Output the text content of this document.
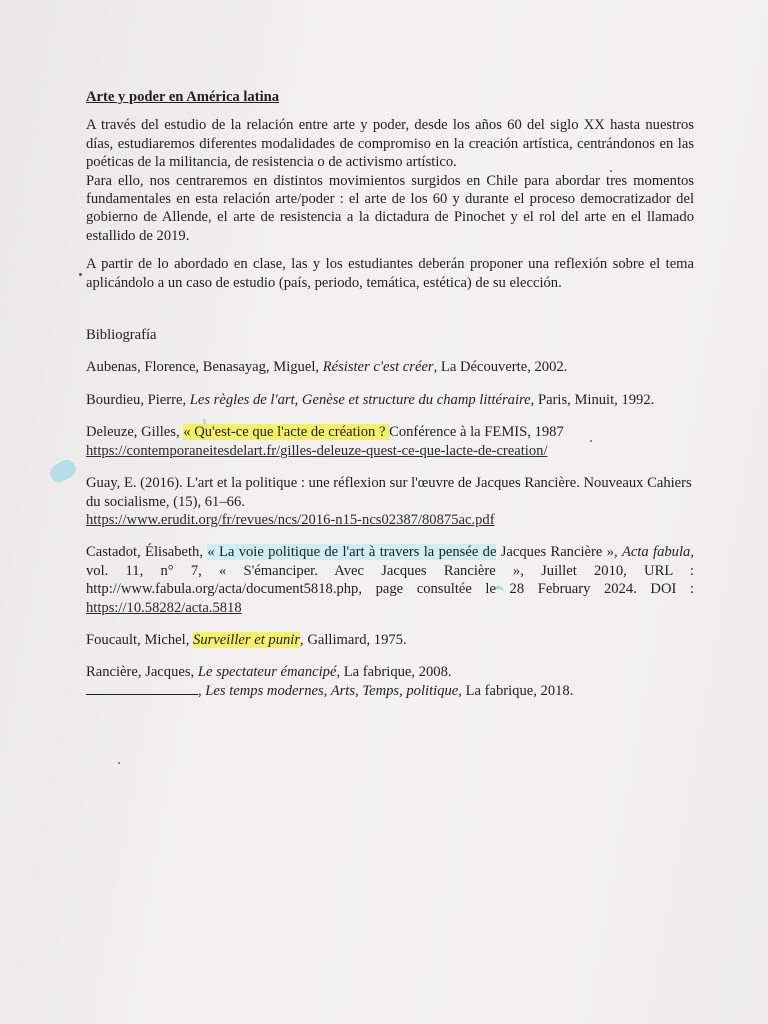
Arte y poder en América latina

A través del estudio de la relación entre arte y poder, desde los años 60 del siglo XX hasta nuestros días, estudiaremos diferentes modalidades de compromiso en la creación artística, centrándonos en las poéticas de la militancia, de resistencia o de activismo artístico.

Para ello, nos centraremos en distintos movimientos surgidos en Chile para abordar tres momentos fundamentales en esta relación arte/poder : el arte de los 60 y durante el proceso democratizador del gobierno de Allende, el arte de resistencia a la dictadura de Pinochet y el rol del arte en el llamado estallido de 2019.

A partir de lo abordado en clase, las y los estudiantes deberán proponer una reflexión sobre el tema aplicándolo a un caso de estudio (país, periodo, temática, estética) de su elección.

Bibliografía

Aubenas, Florence, Benasayag, Miguel, Résister c'est créer, La Découverte, 2002.

Bourdieu, Pierre, Les règles de l'art, Genèse et structure du champ littéraire, Paris, Minuit, 1992.

Deleuze, Gilles, « Qu'est-ce que l'acte de création ? Conférence à la FEMIS, 1987
https://contemporaneitesdelart.fr/gilles-deleuze-quest-ce-que-lacte-de-creation/

Guay, E. (2016). L'art et la politique : une réflexion sur l'œuvre de Jacques Rancière. Nouveaux Cahiers du socialisme, (15), 61–66.
https://www.erudit.org/fr/revues/ncs/2016-n15-ncs02387/80875ac.pdf

Castadot, Élisabeth, « La voie politique de l'art à travers la pensée de Jacques Rancière », Acta fabula, vol. 11, n° 7, « S'émanciper. Avec Jacques Rancière », Juillet 2010, URL : http://www.fabula.org/acta/document5818.php, page consultée le 28 February 2024. DOI : https://10.58282/acta.5818

Foucault, Michel, Surveiller et punir, Gallimard, 1975.

Rancière, Jacques, Le spectateur émancipé, La fabrique, 2008.
, Les temps modernes, Arts, Temps, politique, La fabrique, 2018.
